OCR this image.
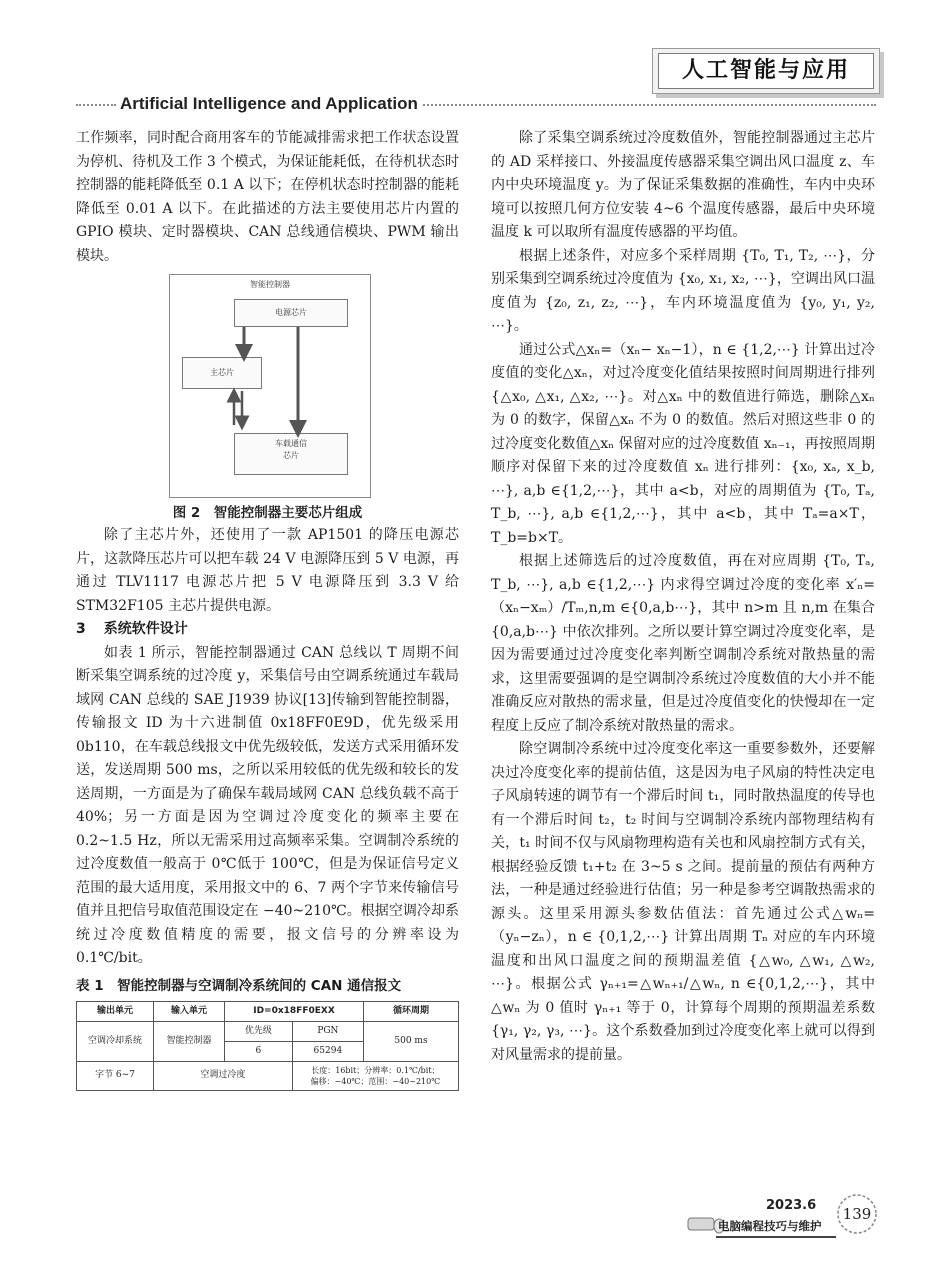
人工智能与应用
Artificial Intelligence and Application

工作频率，同时配合商用客车的节能减排需求把工作状态设置为停机、待机及工作 3 个模式，为保证能耗低，在待机状态时控制器的能耗降低至 0.1 A 以下；在停机状态时控制器的能耗降低至 0.01 A 以下。在此描述的方法主要使用芯片内置的 GPIO 模块、定时器模块、CAN 总线通信模块、PWM 输出模块。

智能控制器
电源芯片
主芯片
车载通信
芯片
图 2　智能控制器主要芯片组成

除了主芯片外，还使用了一款 AP1501 的降压电源芯片，这款降压芯片可以把车载 24 V 电源降压到 5 V 电源，再通过 TLV1117 电源芯片把 5 V 电源降压到 3.3 V 给 STM32F105 主芯片提供电源。

3 系统软件设计

如表 1 所示，智能控制器通过 CAN 总线以 T 周期不间断采集空调系统的过冷度 y，采集信号由空调系统通过车载局域网 CAN 总线的 SAE J1939 协议[13]传输到智能控制器，传输报文 ID 为十六进制值 0x18FF0E9D，优先级采用 0b110，在车载总线报文中优先级较低，发送方式采用循环发送，发送周期 500 ms，之所以采用较低的优先级和较长的发送周期，一方面是为了确保车载局域网 CAN 总线负载不高于 40%；另一方面是因为空调过冷度变化的频率主要在 0.2~1.5 Hz，所以无需采用过高频率采集。空调制冷系统的过冷度数值一般高于 0℃低于 100℃，但是为保证信号定义范围的最大适用度，采用报文中的 6、7 两个字节来传输信号值并且把信号取值范围设定在 −40~210℃。根据空调冷却系统过冷度数值精度的需要，报文信号的分辨率设为 0.1℃/bit。

表 1　智能控制器与空调制冷系统间的 CAN 通信报文
输出单元	输入单元	ID=0x18FF0EXX		循环周期
空调冷却系统	智能控制器	优先级	PGN	500 ms
		6	65294	
字节 6~7	空调过冷度		长度：16bit；分辨率：0.1℃/bit；
偏移：−40℃；范围：−40~210℃	

除了采集空调系统过冷度数值外，智能控制器通过主芯片的 AD 采样接口、外接温度传感器采集空调出风口温度 z、车内中央环境温度 y。为了保证采集数据的准确性，车内中央环境可以按照几何方位安装 4~6 个温度传感器，最后中央环境温度 k 可以取所有温度传感器的平均值。

根据上述条件，对应多个采样周期 {T₀, T₁, T₂, ⋯}，分别采集到空调系统过冷度值为 {x₀, x₁, x₂, ⋯}，空调出风口温度值为 {z₀, z₁, z₂, ⋯}，车内环境温度值为 {y₀, y₁, y₂, ⋯}。

通过公式△xₙ=（xₙ− xₙ−1），n ∈ {1,2,⋯} 计算出过冷度值的变化△xₙ，对过冷度变化值结果按照时间周期进行排列 {△x₀, △x₁, △x₂, ⋯}。对△xₙ 中的数值进行筛选，删除△xₙ 为 0 的数字，保留△xₙ 不为 0 的数值。然后对照这些非 0 的过冷度变化数值△xₙ 保留对应的过冷度数值 xₙ₋₁，再按照周期顺序对保留下来的过冷度数值 xₙ 进行排列：{x₀, xₐ, x_b, ⋯}, a,b ∈{1,2,⋯}，其中 a<b，对应的周期值为 {T₀, Tₐ, T_b, ⋯}, a,b ∈{1,2,⋯}，其中 a<b，其中 Tₐ=a×T，T_b=b×T。

根据上述筛选后的过冷度数值，再在对应周期 {T₀, Tₐ, T_b, ⋯}, a,b ∈{1,2,⋯} 内求得空调过冷度的变化率 x′ₙ=（xₙ−xₘ）/Tₘ,n,m ∈{0,a,b⋯}，其中 n>m 且 n,m 在集合 {0,a,b⋯} 中依次排列。之所以要计算空调过冷度变化率，是因为需要通过过冷度变化率判断空调制冷系统对散热量的需求，这里需要强调的是空调制冷系统过冷度数值的大小并不能准确反应对散热的需求量，但是过冷度值变化的快慢却在一定程度上反应了制冷系统对散热量的需求。

除空调制冷系统中过冷度变化率这一重要参数外，还要解决过冷度变化率的提前估值，这是因为电子风扇的特性决定电子风扇转速的调节有一个滞后时间 t₁，同时散热温度的传导也有一个滞后时间 t₂，t₂ 时间与空调制冷系统内部物理结构有关，t₁ 时间不仅与风扇物理构造有关也和风扇控制方式有关，根据经验反馈 t₁+t₂ 在 3~5 s 之间。提前量的预估有两种方法，一种是通过经验进行估值；另一种是参考空调散热需求的源头。这里采用源头参数估值法：首先通过公式△wₙ=（yₙ−zₙ），n ∈ {0,1,2,⋯} 计算出周期 Tₙ 对应的车内环境温度和出风口温度之间的预期温差值 {△w₀, △w₁, △w₂, ⋯}。根据公式 γₙ₊₁=△wₙ₊₁/△wₙ, n ∈{0,1,2,⋯}，其中△wₙ 为 0 值时 γₙ₊₁ 等于 0，计算每个周期的预期温差系数 {γ₁, γ₂, γ₃, ⋯}。这个系数叠加到过冷度变化率上就可以得到对风量需求的提前量。

2023.6
电脑编程技巧与维护
139
